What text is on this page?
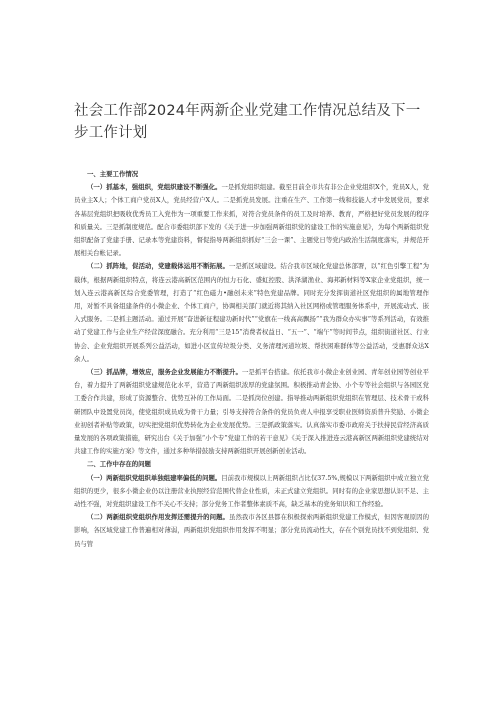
社会工作部2024年两新企业党建工作情况总结及下一步工作计划

一、主要工作情况

（一）抓基本，强组织，党组织建设不断强化。一是抓党组织组建。截至目前全市共有非公企业党组织X个，党员X人，党员业主X人；个体工商户党员X人，党员经营户X人。二是抓党员发展。注重在生产、工作第一线和技能人才中发展党员，要求各基层党组织把吸收优秀员工入党作为一项重要工作来抓，对符合党员条件的员工及时培养、教育，严格把好党员发展的程序和质量关。三是抓制度规范。配合市委组织部下发的《关于进一步加强两新组织党的建设工作的实施意见》，为每个两新组织党组织配备了党建手册、记录本等党建资料，督促指导两新组织抓好“三会一课”、主题党日等党内政治生活制度落实，并规范开展相关台帐记录。

（二）抓阵地，促活动，党建载体运用不断拓展。一是抓区域建设。结合我市区域化党建总体部署，以“红色引擎工程”为载体，根据两新组织特点，将连云港高新区范围内的恒力石化、盛虹控股、洪泽湖渔业、海邦新材料等X家企业党组织，统一划入连云港高新区综合党委管理，打造了“红色磁力•融创未来”特色党建品牌。同时充分发挥街道社区党组织的属地管理作用，对暂不具备组建条件的小微企业、个体工商户，协调相关部门就近将其纳入社区网格或管理服务体系中，开展流动式、嵌入式服务。二是抓主题活动。通过开展“奋进新征程建功新时代”“党旗在一线高高飘扬”“我为群众办实事”等系列活动，有效推动了党建工作与企业生产经营深度融合。充分利用“三是15”消费者权益日、“五一”、“端午”等时间节点，组织街道社区、行业协会、企业党组织开展系列公益活动，如进小区宣传垃圾分类、义务清理河道垃圾、帮扶困难群体等公益活动，受惠群众达X余人。

（三）抓品牌，增效应，服务企业发展能力不断提升。一是抓平台搭建。依托我市小微企业创业园、青年创业园等创业平台，着力提升了两新组织党建规范化水平，营造了两新组织浓厚的党建氛围。积极推动青企协、小个专等社会组织与各园区党工委合作共建，形成了资源整合、优势互补的工作局面。二是抓岗位创建。指导推动两新组织党组织在管理层、技术骨干或科研团队中设置党员岗，使党组织成员成为骨干力量；引导支持符合条件的党员负责人申报享受职业医师资质普升奖励、小微企业初创者补贴等政策，切实把党组织优势转化为企业发展优势。三是抓政策落实。认真落实市委市政府关于扶持民营经济高质量发展的各项政策措施，研究出台《关于加强“小个专”党建工作的若干意见》《关于深入推进连云港高新区两新组织党建统结对共建工作的实施方案》等文件，通过多种举措鼓励支持两新组织开展创新创业活动。

二、工作中存在的问题

（一）两新组织党组织单独组建率偏低的问题。目前我市规模以上两新组织占比仅37.5%,规模以下两新组织中成立独立党组织的更少，很多小微企业仍以注册营业执照经营范围代替企业性质，未正式建立党组织。同时有的企业家思想认识不足、主动性不强，对党组织建设工作不关心不支持；部分党务工作者整体素质不高，缺乏基本的党务知识和工作经验。

（二）两新组织党组织作用发挥还需提升的问题。虽然我市各区县都在积极探索两新组织党建工作模式，但因客观原因的影响，各区域党建工作普遍相对薄弱，两新组织党组织作用发挥不明显；部分党员流动性大，存在个别党员找不到党组织、党员与管
